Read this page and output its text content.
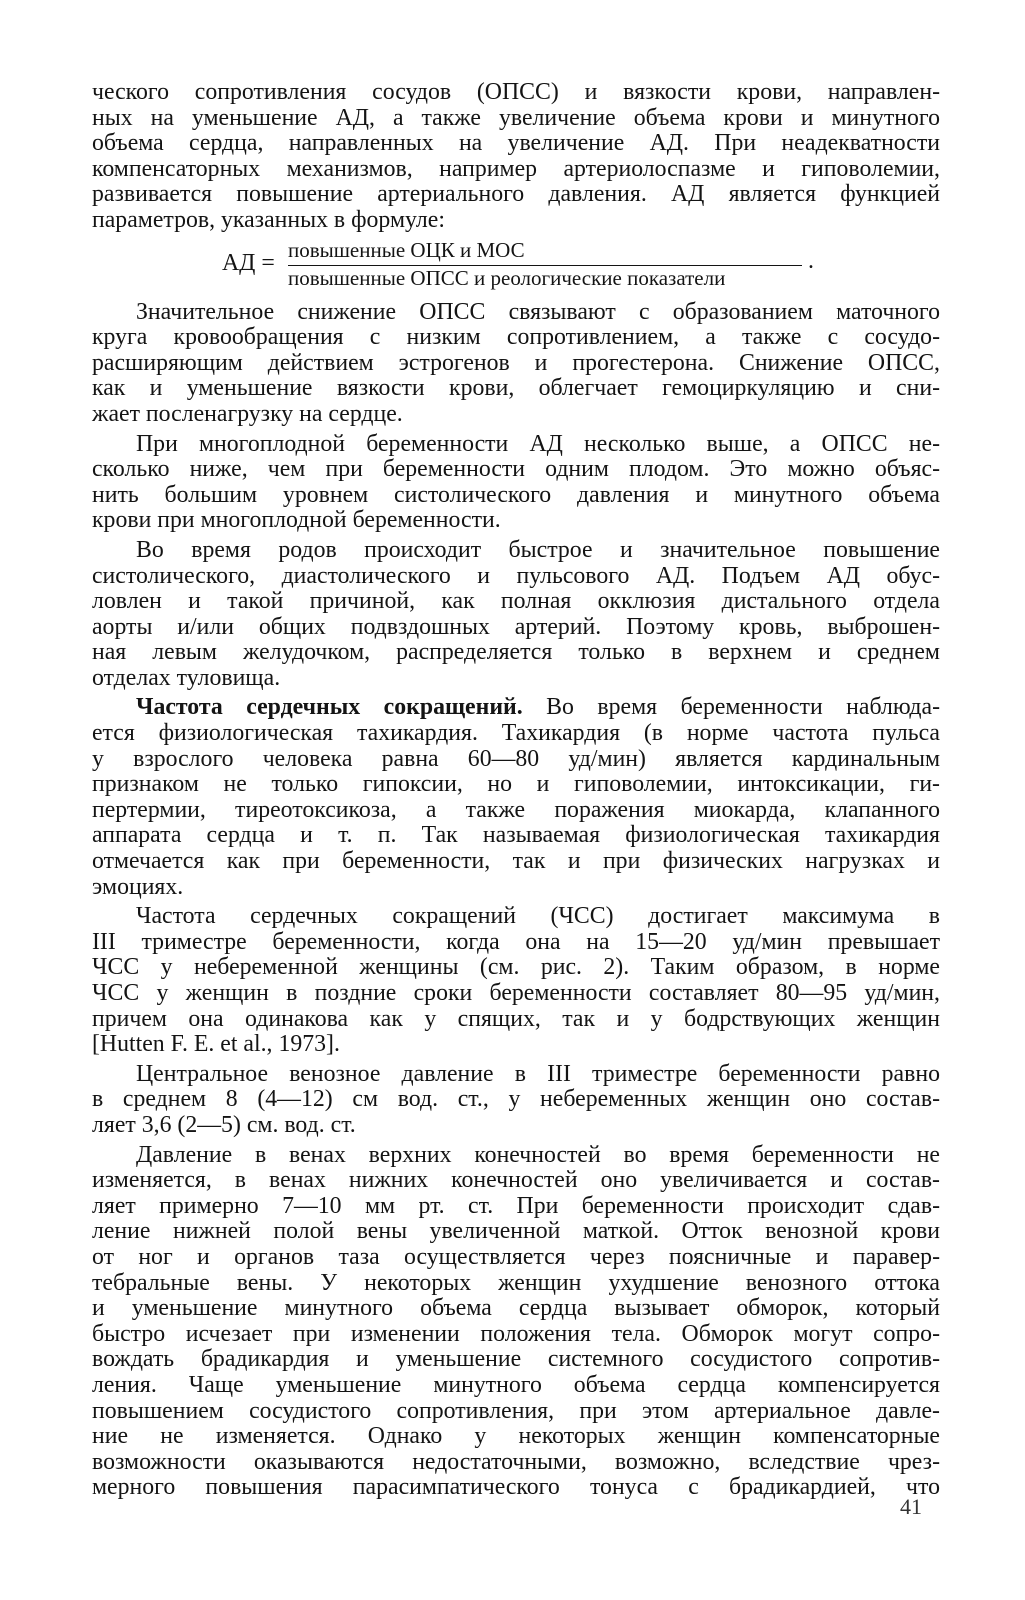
ческого сопротивления сосудов (ОПСС) и вязкости крови, направлен-
ных на уменьшение АД, а также увеличение объема крови и минутного
объема сердца, направленных на увеличение АД. При неадекватности
компенсаторных механизмов, например артериолоспазме и гиповолемии,
развивается повышение артериального давления. АД является функцией
параметров, указанных в формуле:
АД = повышенные ОЦК и МОС
повышенные ОПСС и реологические показатели
.
Значительное снижение ОПСС связывают с образованием маточного
круга кровообращения с низким сопротивлением, а также с сосудо-
расширяющим действием эстрогенов и прогестерона. Снижение ОПСС,
как и уменьшение вязкости крови, облегчает гемоциркуляцию и сни-
жает посленагрузку на сердце.
При многоплодной беременности АД несколько выше, а ОПСС не-
сколько ниже, чем при беременности одним плодом. Это можно объяс-
нить большим уровнем систолического давления и минутного объема
крови при многоплодной беременности.
Во время родов происходит быстрое и значительное повышение
систолического, диастолического и пульсового АД. Подъем АД обус-
ловлен и такой причиной, как полная окклюзия дистального отдела
аорты и/или общих подвздошных артерий. Поэтому кровь, выброшен-
ная левым желудочком, распределяется только в верхнем и среднем
отделах туловища.
Частота сердечных сокращений. Во время беременности наблюда-
ется физиологическая тахикардия. Тахикардия (в норме частота пульса
у взрослого человека равна 60—80 уд/мин) является кардинальным
признаком не только гипоксии, но и гиповолемии, интоксикации, ги-
пертермии, тиреотоксикоза, а также поражения миокарда, клапанного
аппарата сердца и т. п. Так называемая физиологическая тахикардия
отмечается как при беременности, так и при физических нагрузках и
эмоциях.
Частота сердечных сокращений (ЧСС) достигает максимума в
III триместре беременности, когда она на 15—20 уд/мин превышает
ЧСС у небеременной женщины (см. рис. 2). Таким образом, в норме
ЧСС у женщин в поздние сроки беременности составляет 80—95 уд/мин,
причем она одинакова как у спящих, так и у бодрствующих женщин
[Hutten F. E. et al., 1973].
Центральное венозное давление в III триместре беременности равно
в среднем 8 (4—12) см вод. ст., у небеременных женщин оно состав-
ляет 3,6 (2—5) см. вод. ст.
Давление в венах верхних конечностей во время беременности не
изменяется, в венах нижних конечностей оно увеличивается и состав-
ляет примерно 7—10 мм рт. ст. При беременности происходит сдав-
ление нижней полой вены увеличенной маткой. Отток венозной крови
от ног и органов таза осуществляется через поясничные и паравер-
тебральные вены. У некоторых женщин ухудшение венозного оттока
и уменьшение минутного объема сердца вызывает обморок, который
быстро исчезает при изменении положения тела. Обморок могут сопро-
вождать брадикардия и уменьшение системного сосудистого сопротив-
ления. Чаще уменьшение минутного объема сердца компенсируется
повышением сосудистого сопротивления, при этом артериальное давле-
ние не изменяется. Однако у некоторых женщин компенсаторные
возможности оказываются недостаточными, возможно, вследствие чрез-
мерного повышения парасимпатического тонуса с брадикардией, что
41
